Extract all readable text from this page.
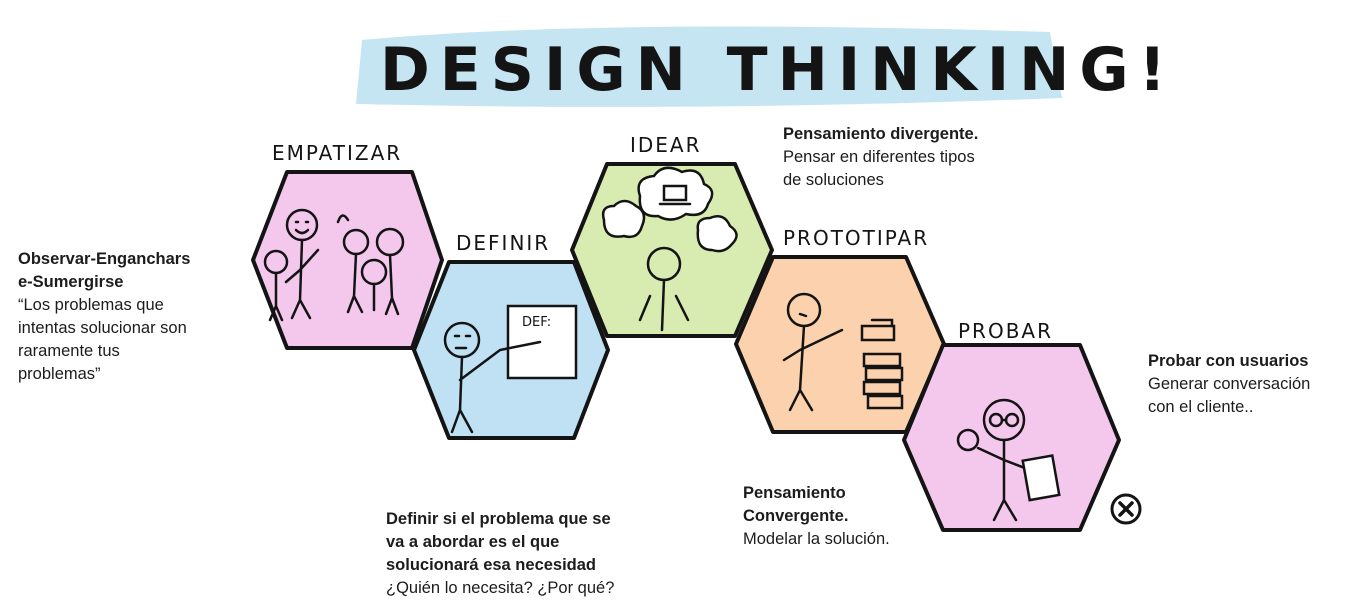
DESIGN THINKING!
EMPATIZAR
DEFINIR
DEF:
IDEAR
PROTOTIPAR
PROBAR
Observar-Enganchars
e-Sumergirse
“Los problemas que
intentas solucionar son
raramente tus
problemas”
Definir si el problema que se
va a abordar es el que
solucionará esa necesidad
¿Quién lo necesita? ¿Por qué?
Pensamiento divergente.
Pensar en diferentes tipos
de soluciones
Pensamiento
Convergente.
Modelar la solución.
Probar con usuarios
Generar conversación
con el cliente..
